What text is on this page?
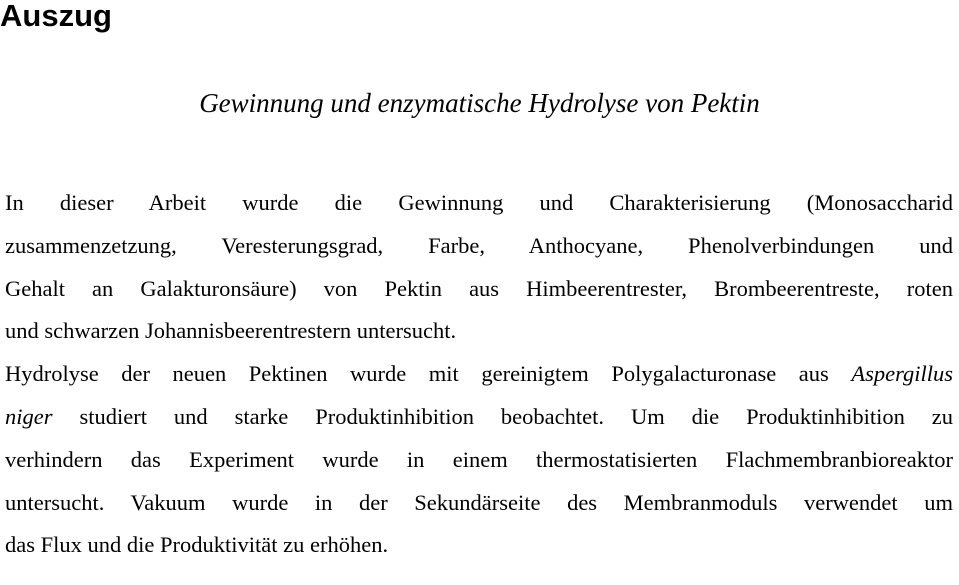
Auszug
Gewinnung und enzymatische Hydrolyse von Pektin
In dieser Arbeit wurde die Gewinnung und Charakterisierung (Monosaccharid
zusammenzetzung, Veresterungsgrad, Farbe, Anthocyane, Phenolverbindungen und
Gehalt an Galakturonsäure) von Pektin aus Himbeerentrester, Brombeerentreste, roten
und schwarzen Johannisbeerentrestern untersucht.
Hydrolyse der neuen Pektinen wurde mit gereinigtem Polygalacturonase aus Aspergillus
niger studiert und starke Produktinhibition beobachtet. Um die Produktinhibition zu
verhindern das Experiment wurde in einem thermostatisierten Flachmembranbioreaktor
untersucht. Vakuum wurde in der Sekundärseite des Membranmoduls verwendet um
das Flux und die Produktivität zu erhöhen.
